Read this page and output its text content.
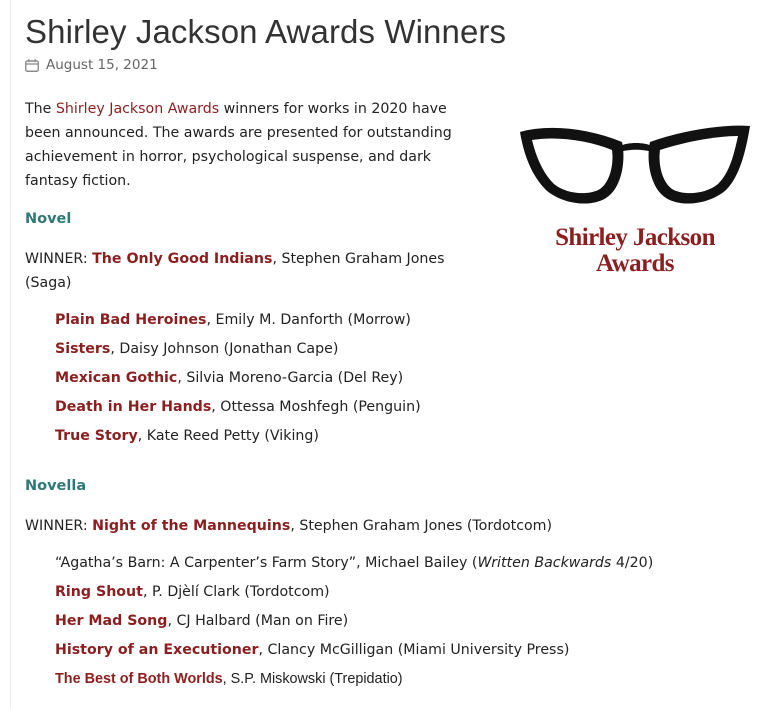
Shirley Jackson Awards Winners
August 15, 2021

The Shirley Jackson Awards winners for works in 2020 have been announced. The awards are presented for outstanding achievement in horror, psychological suspense, and dark fantasy fiction.

Shirley Jackson
Awards
Novel
WINNER: The Only Good Indians, Stephen Graham Jones (Saga)
Plain Bad Heroines, Emily M. Danforth (Morrow)
Sisters, Daisy Johnson (Jonathan Cape)
Mexican Gothic, Silvia Moreno-Garcia (Del Rey)
Death in Her Hands, Ottessa Moshfegh (Penguin)
True Story, Kate Reed Petty (Viking)
Novella
WINNER: Night of the Mannequins, Stephen Graham Jones (Tordotcom)
“Agatha’s Barn: A Carpenter’s Farm Story”, Michael Bailey (Written Backwards 4/20)
Ring Shout, P. Djèlí Clark (Tordotcom)
Her Mad Song, CJ Halbard (Man on Fire)
History of an Executioner, Clancy McGilligan (Miami University Press)
The Best of Both Worlds, S.P. Miskowski (Trepidatio)
